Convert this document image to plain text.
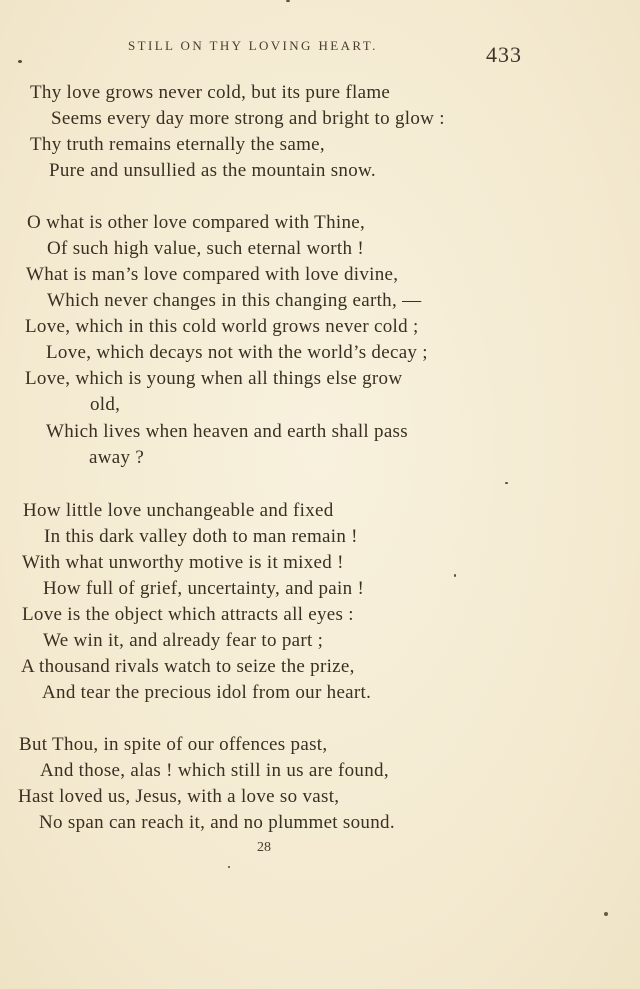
STILL ON THY LOVING HEART.	433
Thy love grows never cold, but its pure flame
Seems every day more strong and bright to glow :
Thy truth remains eternally the same,
Pure and unsullied as the mountain snow.
O what is other love compared with Thine,
Of such high value, such eternal worth !
What is man’s love compared with love divine,
Which never changes in this changing earth, —
Love, which in this cold world grows never cold ;
Love, which decays not with the world’s decay ;
Love, which is young when all things else grow
old,
Which lives when heaven and earth shall pass
away ?
How little love unchangeable and fixed
In this dark valley doth to man remain !
With what unworthy motive is it mixed !
How full of grief, uncertainty, and pain !
Love is the object which attracts all eyes :
We win it, and already fear to part ;
A thousand rivals watch to seize the prize,
And tear the precious idol from our heart.
But Thou, in spite of our offences past,
And those, alas ! which still in us are found,
Hast loved us, Jesus, with a love so vast,
No span can reach it, and no plummet sound.
28
